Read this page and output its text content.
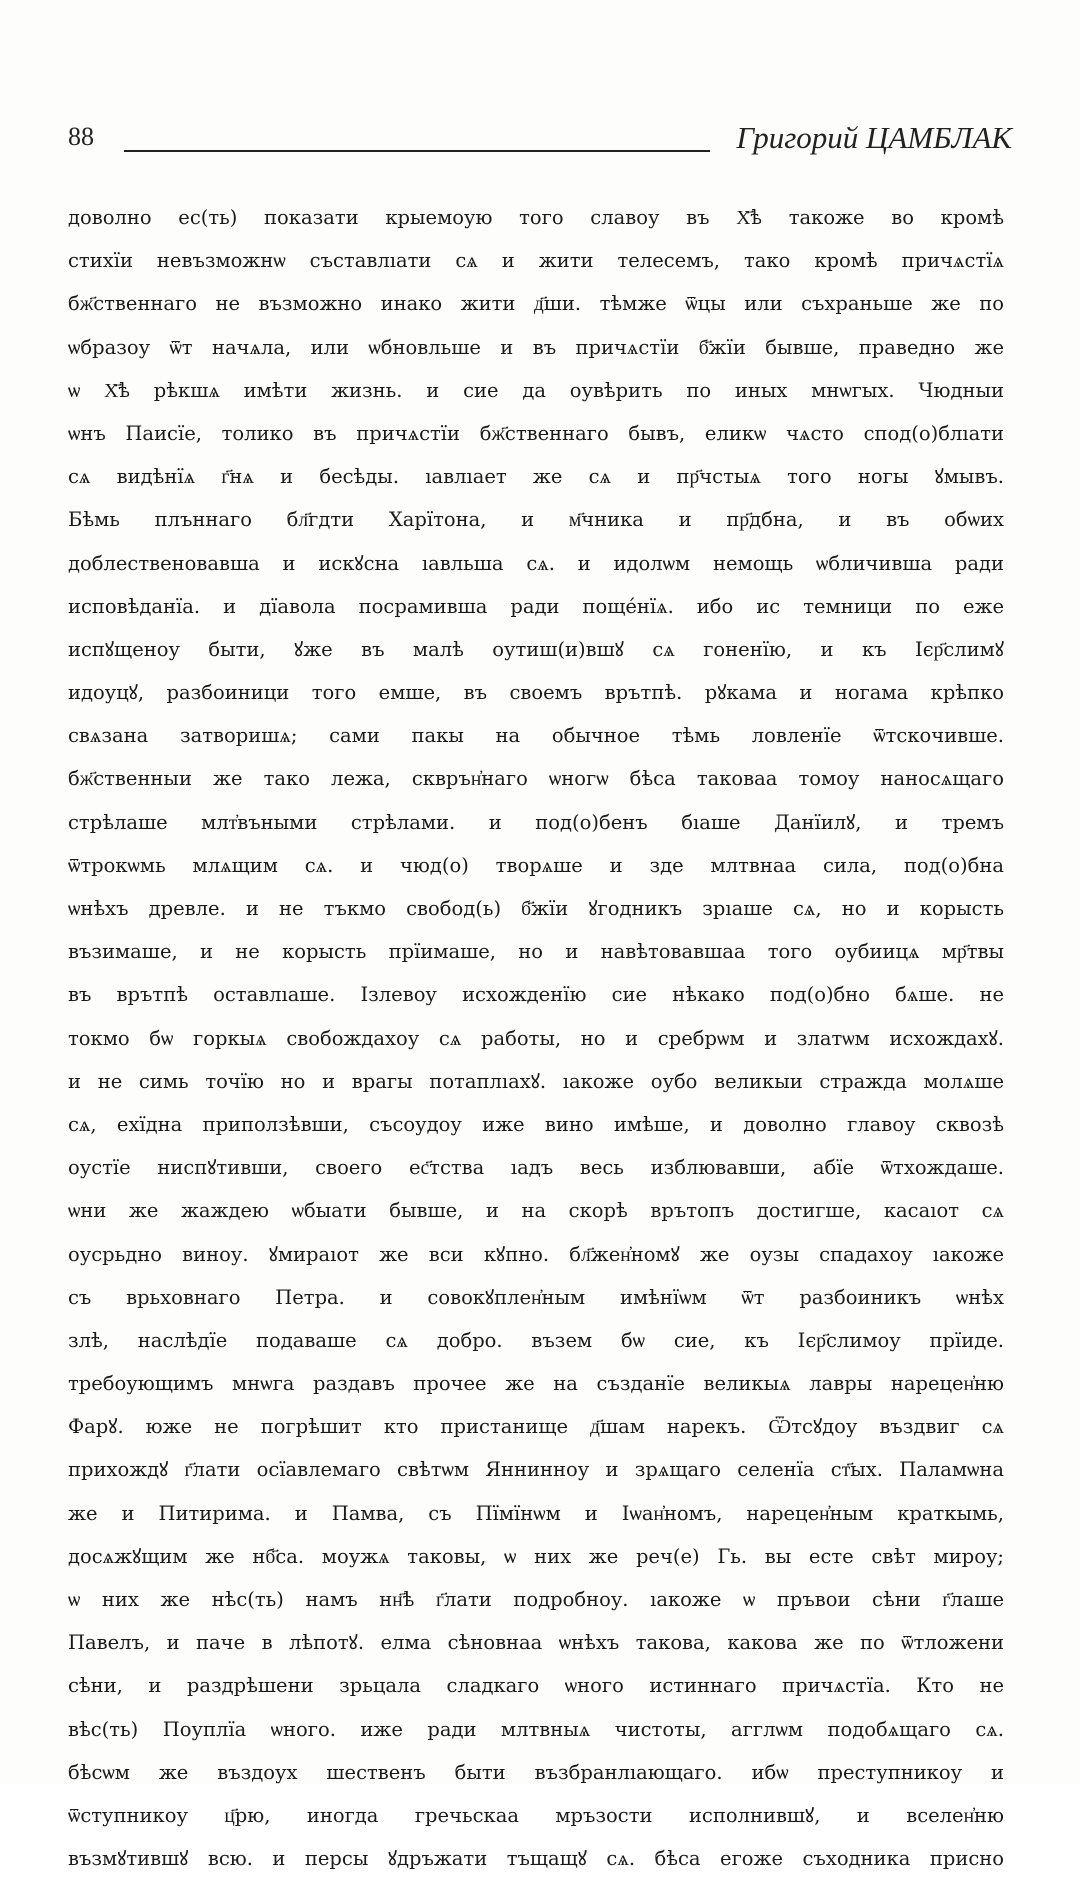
88	Григорий ЦАМБЛАК
доволно ес(ть) показати крыемоую того славоу въ Х҃ѣ такоже во кромѣ
стихїи невъзможнѡ съставлıати сѧ и жити телесемъ, тако кромѣ причѧстїѧ
бж҃ственнаго не възможно инако жити д҃ши. тѣмже ѿцы или съхраньше же по
ѡбразоу ѿт начѧла, или ѡбновльше и въ причѧстїи б҃жїи бывше, праведно же
ѡ Х҃ѣ рѣкшѧ имѣти жизнь. и сие да оувѣрить по иных мнѡгых. Чюдныи
ѡнъ Паисїе, толико въ причѧстїи бж҃ственнаго бывъ, еликѡ чѧсто спод(о)блıати
сѧ видѣнїѧ г҃нѧ и бесѣды. ıавлıает же сѧ и пр҃чстыѧ того ногы ꙋмывъ.
Бѣмь плъннаго бл҃гдти Харїтона, и м҃чника и пр҃дбна, и въ обѡих
доблественовавша и искꙋсна ıавльша сѧ. и идолѡм немощь ѡбличивша ради
исповѣданїа. и дїавола посрамивша ради поще́нїѧ. ибо ис темници по еже
испꙋщеноу быти, ꙋже въ малѣ оутиш(и)вшꙋ сѧ гоненїю, и къ Ієр҃слимꙋ
идоуцꙋ, разбоиници того емше, въ своемъ врътпѣ. рꙋкама и ногама крѣпко
свѧзана затворишѧ; сами пакы на обычное тѣмь ловленїе ѿтскочивше.
бж҃ственныи же тако лежа, скврън҆наго ѡногѡ бѣса таковаа томоу наносѧщаго
стрѣлаше млт҆въными стрѣлами. и под(о)бенъ бıаше Данїилꙋ, и тремъ
ѿтрокѡмь млѧщим сѧ. и чюд(о) творѧше и зде млтвнаа сила, под(о)бна
ѡнѣхъ древле. и не тъкмо свобод(ь) б҃жїи ꙋгодникъ зрıаше сѧ, но и корысть
възимаше, и не корысть прїимаше, но и навѣтовавшаа того оубиицѧ мр҃твы
въ врътпѣ оставлıаше. Ізлевоу исхожденїю сие нѣкако под(о)бно бѧше. не
токмо бѡ горкыѧ свобождахоу сѧ работы, но и сребрѡм и златѡм исхождахꙋ.
и не симь точїю но и врагы потаплıахꙋ. ıакоже оубо великыи стражда молѧше
сѧ, ехїдна приползѣвши, съсоудоу иже вино имѣше, и доволно главоу сквозѣ
оустїе ниспꙋтивши, своего ес҃тства ıадъ весь изблювавши, абїе ѿтхождаше.
ѡни же жаждею ѡбыати бывше, и на скорѣ врътопъ достигше, касаıот сѧ
оусрьдно виноу. ꙋмираıот же вси кꙋпно. бл҃жен҆номꙋ же оузы спадахоу ıакоже
съ врьховнаго Петра. и совокꙋплен҆ным имѣнїѡм ѿт разбоиникъ ѡнѣх
злѣ, наслѣдїе подаваше сѧ добро. възем бѡ сие, къ Ієр҃слимоу прїиде.
требоующимъ мнѡга раздавъ прочее же на създанїе великыѧ лавры нарецен҆ню
Фарꙋ. юже не погрѣшит кто пристанище д҃шам нарекъ. Ѿтсꙋдоу въздвиг сѧ
прихождꙋ г҃лати осїавлемаго свѣтѡм Яннинноу и зрѧщаго селенїа ст҃ых. Паламѡна
же и Питирима. и Памва, съ Пїмїнѡм и Іѡан҆номъ, нарецен҆ным краткымь,
досѧжꙋщим же нб҃са. моужѧ таковы, ѡ них же реч(е) Гь. вы есте свѣт мироу;
ѡ них же нѣс(ть) намъ нн҃ѣ г҃лати подробноу. ıакоже ѡ пръвои сѣни г҃лаше
Павелъ, и паче в лѣпотꙋ. елма сѣновнаа ѡнѣхъ такова, какова же по ѿтложени
сѣни, и раздрѣшени зрьцала сладкаго ѡного истиннаго причѧстїа. Кто не
вѣс(ть) Поуплїа ѡного. иже ради млтвныѧ чистоты, агглѡм подобѧщаго сѧ.
бѣсѡм же въздоух шественъ быти възбранлıающаго. ибѡ преступникоу и
ѿступникоу ц҃рю, иногда гречьскаа мръзости исполнившꙋ, и вселен҆ню
възмꙋтившꙋ всю. и персы ꙋдръжати тъщащꙋ сѧ. бѣса егоже съходника присно
